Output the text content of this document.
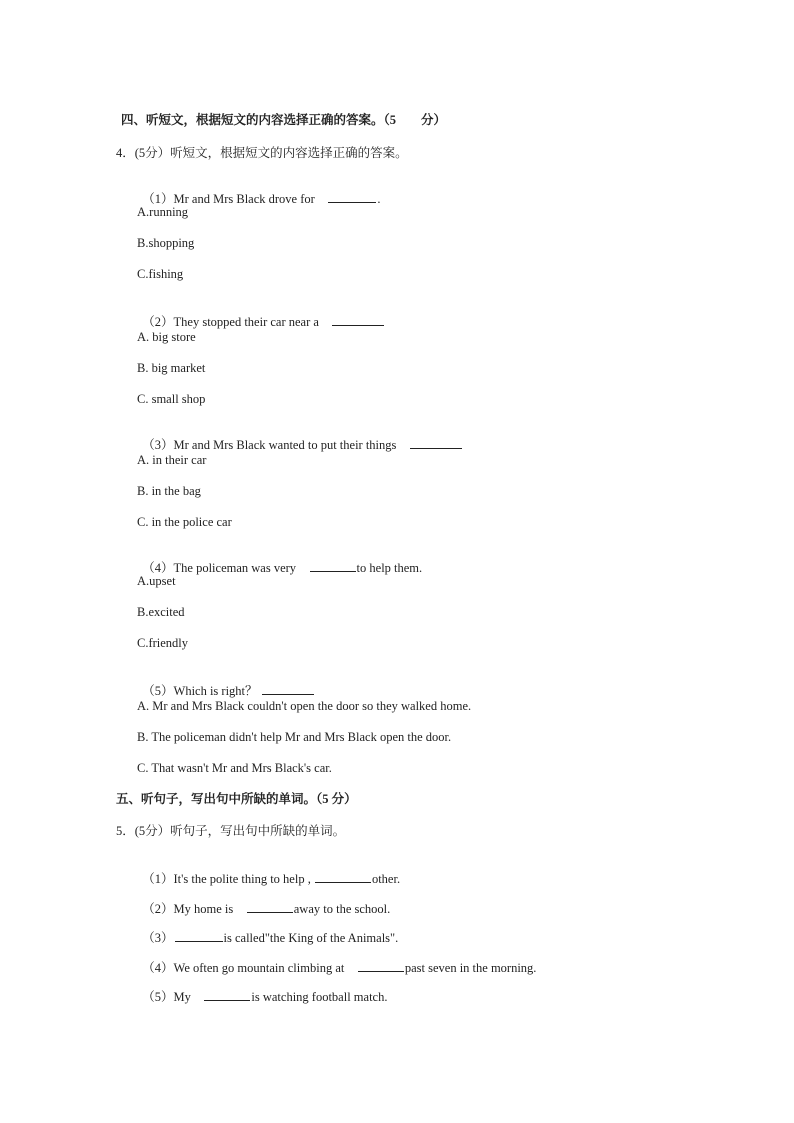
四、听短文，根据短文的内容选择正确的答案。（5　　分）
4．(5分）听短文，根据短文的内容选择正确的答案。

（1）Mr and Mrs Black drove for　	.

A.running
B.shopping
C.fishing

（2）They stopped their car near a　

A. big store
B. big market
C. small shop

（3）Mr and Mrs Black wanted to put their things　

A. in their car
B. in the bag
C. in the police car

（4）The policeman was very　	to help them.

A.upset
B.excited
C.friendly

（5）Which is right？

A. Mr and Mrs Black couldn't open the door so they walked home.
B. The policeman didn't help Mr and Mrs Black open the door.
C. That wasn't Mr and Mrs Black's car.
五、听句子，写出句中所缺的单词。（5 分）
5．(5分）听句子，写出句中所缺的单词。

（1）It's the polite thing to help ,	other.

（2）My home is　	away to the school.

（3）	is called"the King of the Animals".

（4）We often go mountain climbing at　	past seven in the morning.

（5）My　	is watching football match.
